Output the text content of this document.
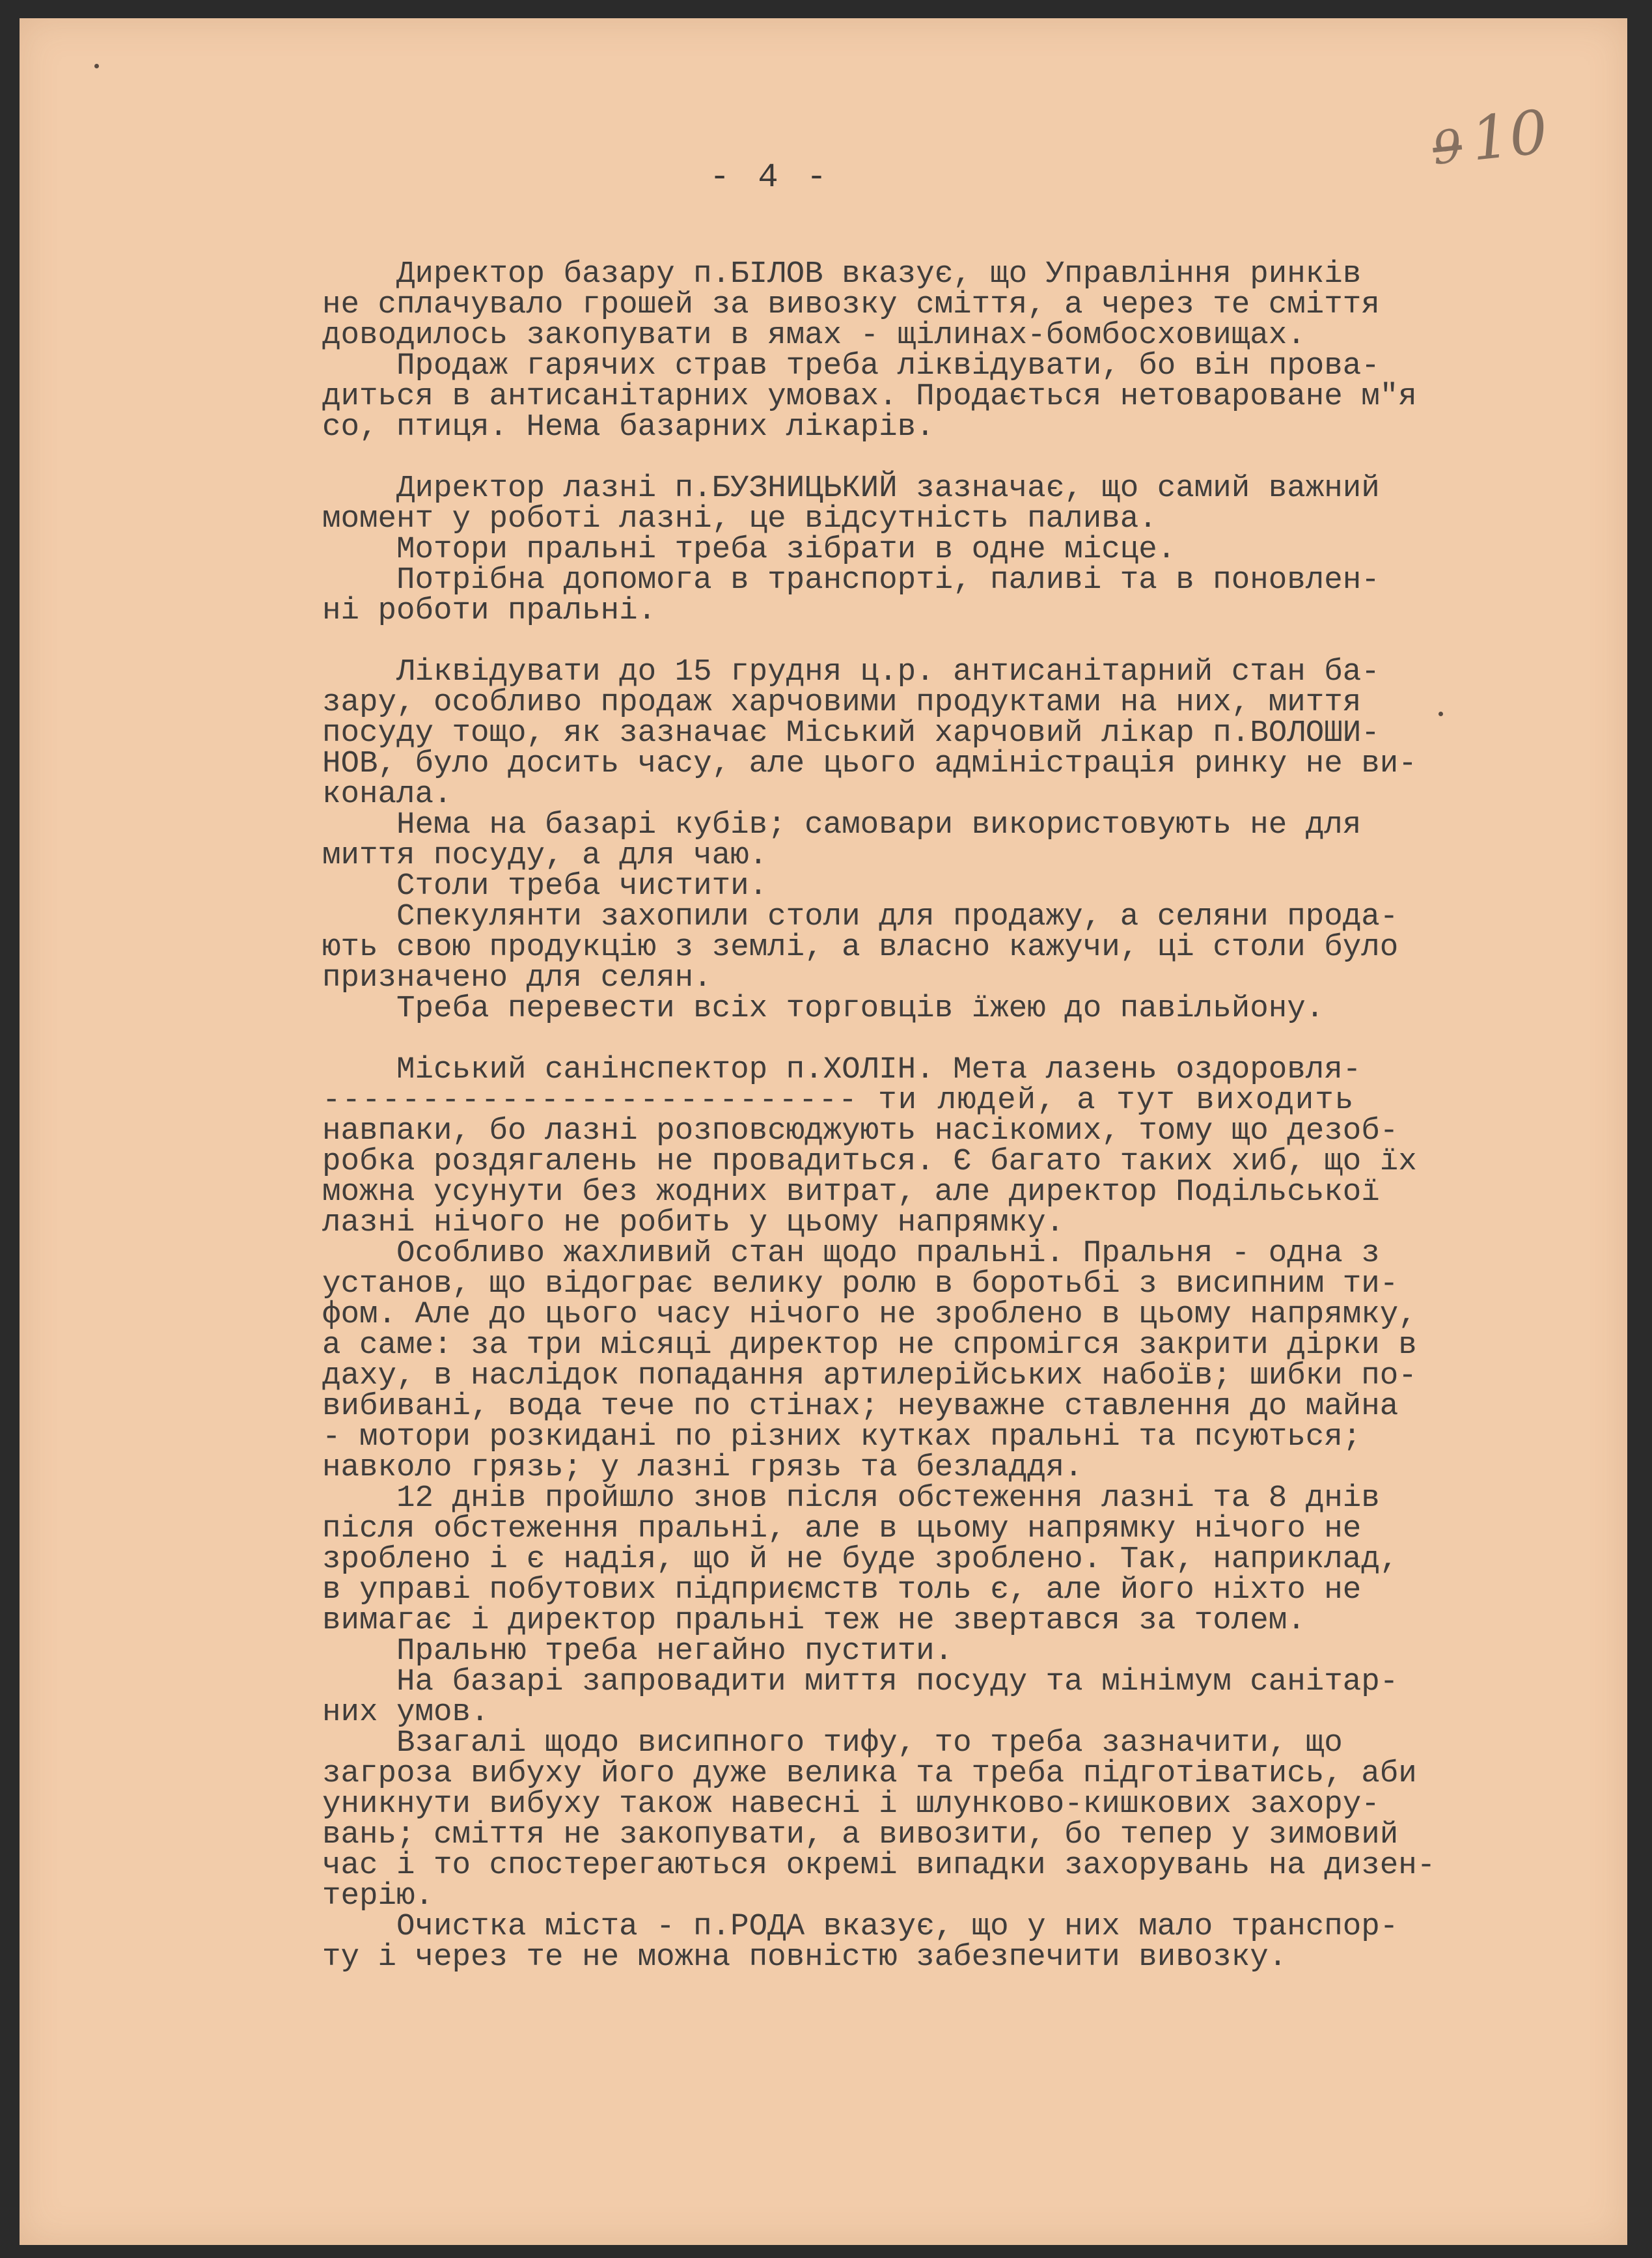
910
- 4 -
Директор базару п.БІЛОВ вказує, що Управління ринків
не сплачувало грошей за вивозку сміття, а через те сміття
доводилось закопувати в ямах - щілинах-бомбосховищах.
Продаж гарячих страв треба ліквідувати, бо він прова-
диться в антисанітарних умовах. Продається нетоварoване м"я
со, птиця. Нема базарних лікарів.

Директор лазні п.БУЗНИЦЬКИЙ зазначає, що самий важний
момент у роботі лазні, це відсутність палива.
Мотори пральні треба зібрати в одне місце.
Потрібна допомога в транспорті, паливі та в поновлен-
ні роботи пральні.

Ліквідувати до 15 грудня ц.р. антисанітарний стан ба-
зару, особливо продаж харчовими продуктами на них, миття
посуду тощо, як зазначає Міський харчовий лікар п.ВОЛОШИ-
НОВ, було досить часу, але цього адміністрація ринку не ви-
конала.
Нема на базарі кубів; самовари використовують не для
миття посуду, а для чаю.
Столи треба чистити.
Спекулянти захопили столи для продажу, а селяни прода-
ють свою продукцію з землі, а власно кажучи, ці столи було
призначено для селян.
Треба перевести всіх торговців їжею до павільйону.

Міський санінспектор п.ХОЛІН. Мета лазень оздоровля-
--------------------------- ти людей, а тут виходить
навпаки, бо лазні розповсюджують насікомих, тому що дезоб-
робка роздягалень не провадиться. Є багато таких хиб, що їх
можна усунути без жодних витрат, але директор Подільської
лазні нічого не робить у цьому напрямку.
Особливо жахливий стан щодо пральні. Пральня - одна з
установ, що відограє велику ролю в боротьбі з висипним ти-
фом. Але до цього часу нічого не зроблено в цьому напрямку,
а саме: за три місяці директор не спромігся закрити дірки в
даху, в наслідок попадання артилерійських набоїв; шибки по-
вибивані, вода тече по стінах; неуважне ставлення до майна
- мотори розкидані по різних кутках пральні та псуються;
навколо грязь; у лазні грязь та безладдя.
12 днів пройшло знов після обстеження лазні та 8 днів
після обстеження пральні, але в цьому напрямку нічого не
зроблено і є надія, що й не буде зроблено. Так, наприклад,
в управі побутових підприємств толь є, але його ніхто не
вимагає і директор пральні теж не звертався за толем.
Пральню треба негайно пустити.
На базарі запровадити миття посуду та мінімум санітар-
них умов.
Взагалі щодо висипного тифу, то треба зазначити, що
загроза вибуху його дуже велика та треба підготіватись, аби
уникнути вибуху також навесні і шлунково-кишкових захору-
вань; сміття не закопувати, а вивозити, бо тепер у зимовий
час і то спостерегаються окремі випадки захорувань на дизен-
терію.
Очистка міста - п.РОДА вказує, що у них мало транспор-
ту і через те не можна повністю забезпечити вивозку.
